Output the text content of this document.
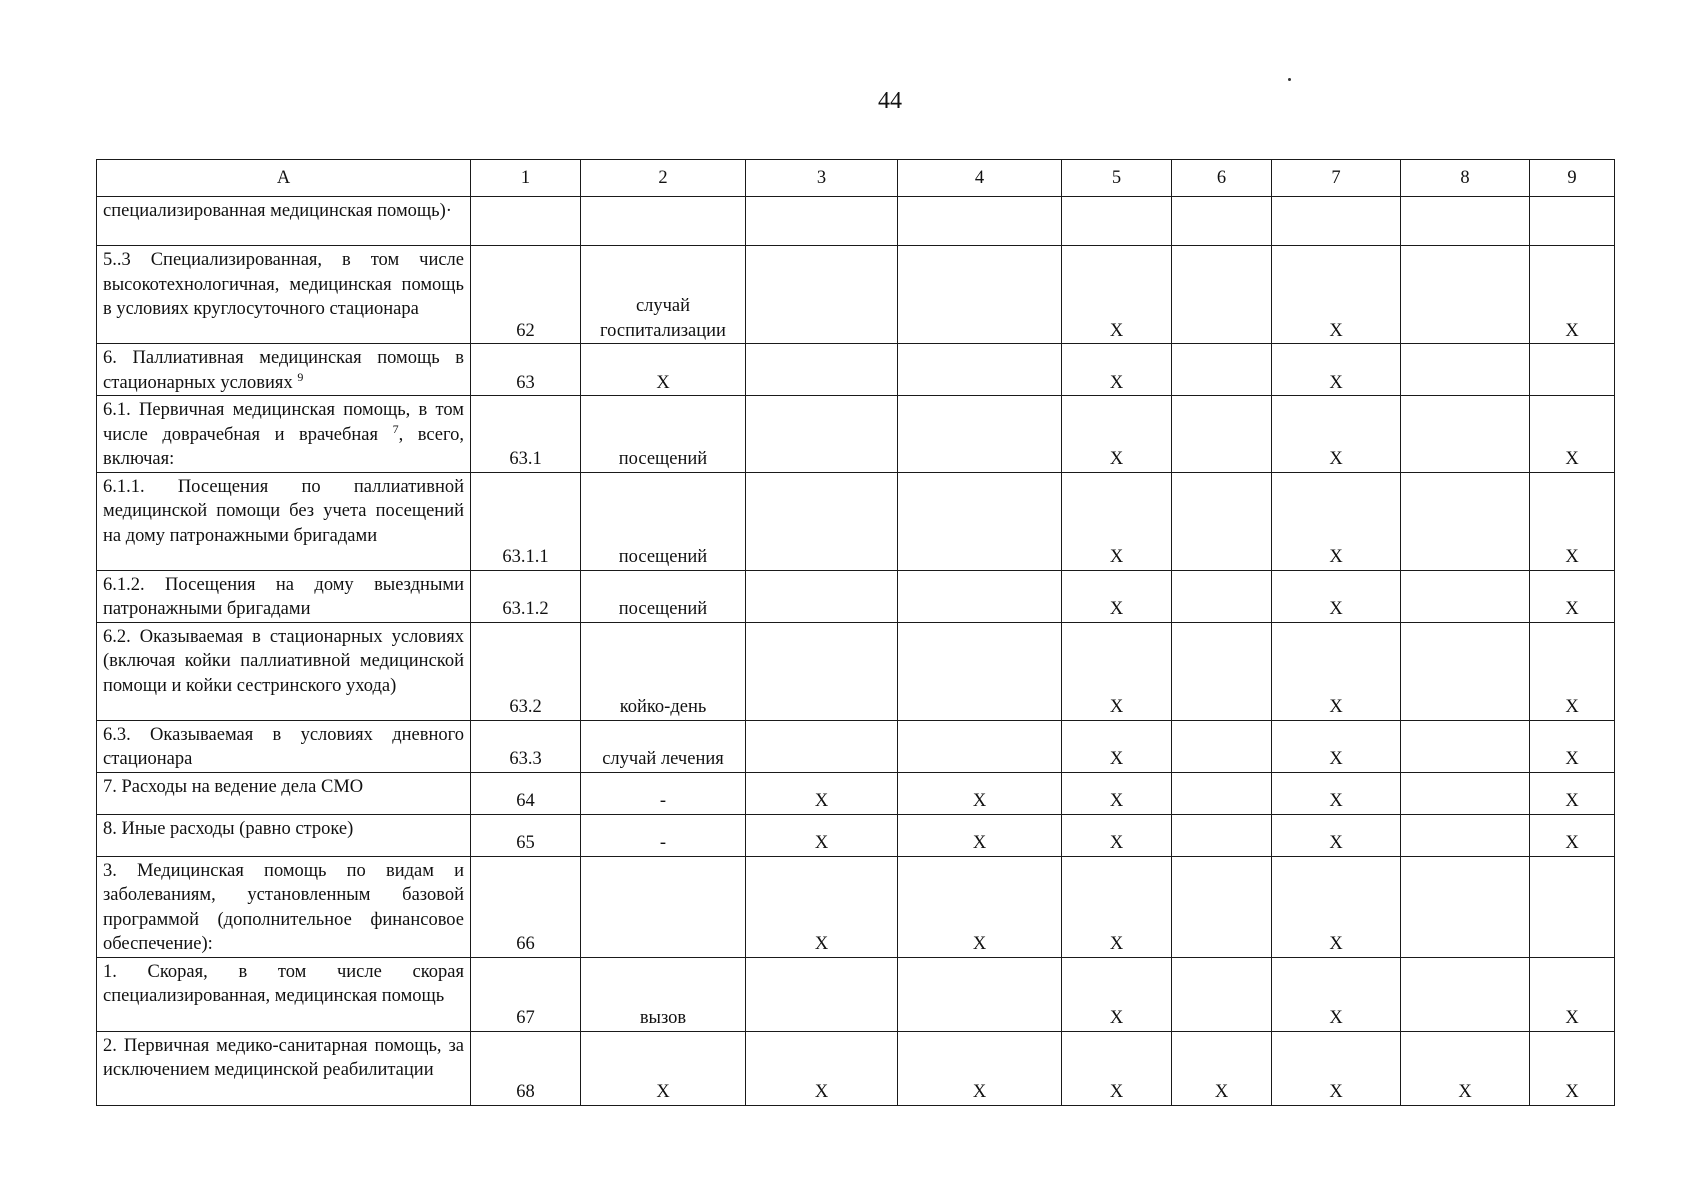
44
А	1	2	3	4	5	6	7	8	9
специализированная медицинская помощь)·									
5..3 Специализированная, в том числе высокотехнологичная, медицинская помощь в условиях круглосуточного стационара	62	случай госпитализации			Х		Х		Х
6. Паллиативная медицинская помощь в стационарных условиях $^9$	63	Х			Х		Х		
6.1. Первичная медицинская помощь, в том числе доврачебная и врачебная $^7$, всего, включая:	63.1	посещений			Х		Х		Х
6.1.1. Посещения по паллиативной медицинской помощи без учета посещений на дому патронажными бригадами	63.1.1	посещений			Х		Х		Х
6.1.2. Посещения на дому выездными патронажными бригадами	63.1.2	посещений			Х		Х		Х
6.2. Оказываемая в стационарных условиях (включая койки паллиативной медицинской помощи и койки сестринского ухода)	63.2	койко-день			Х		Х		Х
6.3. Оказываемая в условиях дневного стационара	63.3	случай лечения			Х		Х		Х
7. Расходы на ведение дела СМО	64	-	Х	Х	Х		Х		Х
8. Иные расходы (равно строке)	65	-	Х	Х	Х		Х		Х
3. Медицинская помощь по видам и заболеваниям, установленным базовой программой (дополнительное финансовое обеспечение):	66		Х	Х	Х		Х		
1. Скорая, в том числе скорая специализированная, медицинская помощь	67	вызов			Х		Х		Х
2. Первичная медико-санитарная помощь, за исключением медицинской реабилитации	68	Х	Х	Х	Х	Х	Х	Х	Х
